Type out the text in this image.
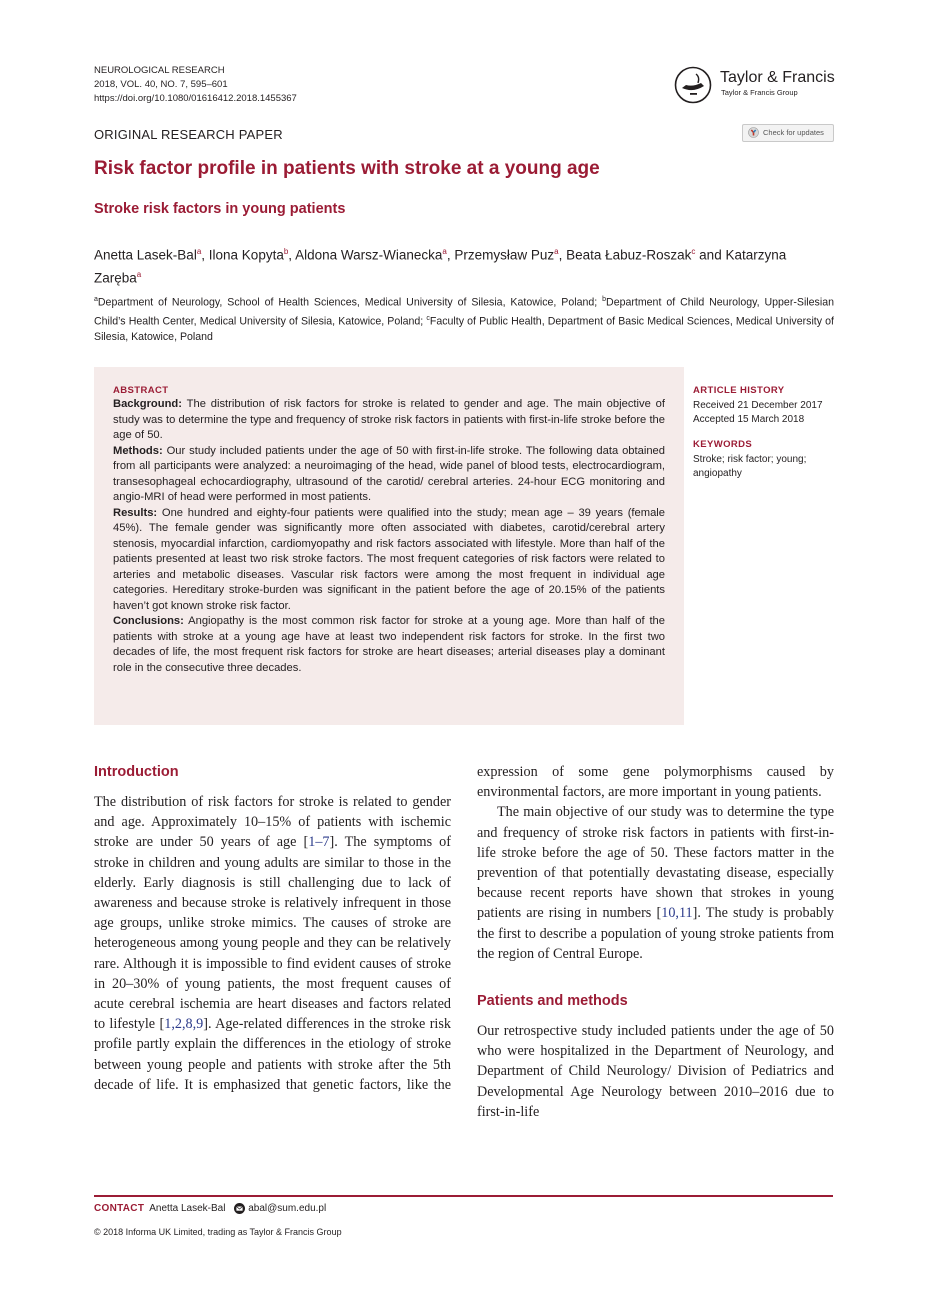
NEUROLOGICAL RESEARCH
2018, VOL. 40, NO. 7, 595–601
https://doi.org/10.1080/01616412.2018.1455367
Taylor & Francis
Taylor & Francis Group
ORIGINAL RESEARCH PAPER	Check for updates
Risk factor profile in patients with stroke at a young age
Stroke risk factors in young patients
Anetta Lasek-Bal$^a$, Ilona Kopyta$^b$, Aldona Warsz-Wianecka$^a$, Przemysław Puz$^a$, Beata Łabuz-Roszak$^c$ and Katarzyna Zaręba$^a$
$^a$Department of Neurology, School of Health Sciences, Medical University of Silesia, Katowice, Poland; $^b$Department of Child Neurology, Upper-Silesian Child’s Health Center, Medical University of Silesia, Katowice, Poland; $^c$Faculty of Public Health, Department of Basic Medical Sciences, Medical University of Silesia, Katowice, Poland
ABSTRACT

Background: The distribution of risk factors for stroke is related to gender and age. The main objective of study was to determine the type and frequency of stroke risk factors in patients with first-in-life stroke before the age of 50.

Methods: Our study included patients under the age of 50 with first-in-life stroke. The following data obtained from all participants were analyzed: a neuroimaging of the head, wide panel of blood tests, electrocardiogram, transesophageal echocardiography, ultrasound of the carotid/ cerebral arteries. 24-hour ECG monitoring and angio-MRI of head were performed in most patients.

Results: One hundred and eighty-four patients were qualified into the study; mean age – 39 years (female 45%). The female gender was significantly more often associated with diabetes, carotid/cerebral artery stenosis, myocardial infarction, cardiomyopathy and risk factors associated with lifestyle. More than half of the patients presented at least two risk stroke factors. The most frequent categories of risk factors were related to arteries and metabolic diseases. Vascular risk factors were among the most frequent in individual age categories. Hereditary stroke-burden was significant in the patient before the age of 20.15% of the patients haven’t got known stroke risk factor.

Conclusions: Angiopathy is the most common risk factor for stroke at a young age. More than half of the patients with stroke at a young age have at least two independent risk factors for stroke. In the first two decades of life, the most frequent risk factors for stroke are heart diseases; arterial diseases play a dominant role in the consecutive three decades.

ARTICLE HISTORY
Received 21 December 2017
Accepted 15 March 2018
KEYWORDS
Stroke; risk factor; young; angiopathy
Introduction

The distribution of risk factors for stroke is related to gender and age. Approximately 10–15% of patients with ischemic stroke are under 50 years of age [1–7]. The symptoms of stroke in children and young adults are similar to those in the elderly. Early diagnosis is still challenging due to lack of awareness and because stroke is relatively infrequent in those age groups, unlike stroke mimics. The causes of stroke are heterogeneous among young people and they can be relatively rare. Although it is impossible to find evident causes of stroke in 20–30% of young patients, the most frequent causes of acute cerebral ischemia are heart diseases and factors related to lifestyle [1,2,8,9]. Age-related differences in the stroke risk profile partly explain the differences in the etiology of stroke between young people and patients with stroke after the 5th decade of life. It is emphasized that genetic factors, like the

expression of some gene polymorphisms caused by environmental factors, are more important in young patients.

The main objective of our study was to determine the type and frequency of stroke risk factors in patients with first-in-life stroke before the age of 50. These factors matter in the prevention of that potentially devastating disease, especially because recent reports have shown that strokes in young patients are rising in numbers [10,11]. The study is probably the first to describe a population of young stroke patients from the region of Central Europe.

Patients and methods

Our retrospective study included patients under the age of 50 who were hospitalized in the Department of Neurology, and Department of Child Neurology/ Division of Pediatrics and Developmental Age Neurology between 2010–2016 due to first-in-life

CONTACT Anetta Lasek-Bal abal@sum.edu.pl
© 2018 Informa UK Limited, trading as Taylor & Francis Group
